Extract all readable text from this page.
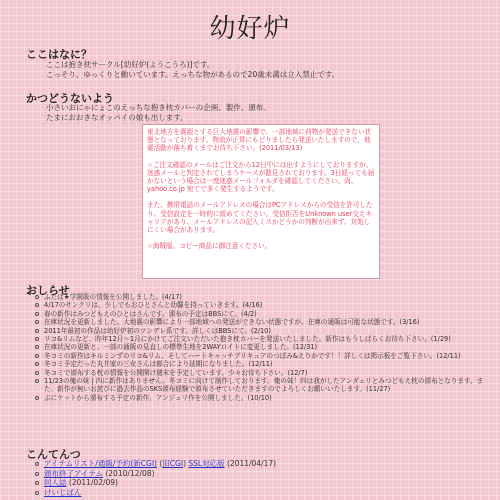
幼好炉
ここはなに？
ここは抱き枕サークル[幼好炉(ようこうろ)]です。
こっそり、ゆっくりと動いています。えっちな物があるので20歳未満は立入禁止です。
かつどうないよう
小さいおにゃにょこのえっちな抱き枕カバーの企画、製作、頒布。
たまにおおきなオッパイの娘も出します。

東北地方を震源とする巨大地震の影響で、一部地域に荷物が発送できない状態となっております。物流が正常にもどりましたら発送いたしますので、地震活動が落ち着くまでお待ち下さい。(2011/03/13)

☆ご注文確認のメールはご注文から12日中には出すようにしておりますが、迷惑メールと判定されてしまうケースが散見されております。3日経っても届かないという場合は一度迷惑メールフォルダを確認してください。尚、yahoo.co.jp 宛てで多く発生するようです。

また、携帯電話のメールアドレスの場合はPCアドレスからの受信を許可したり、受信設定を一時的に緩めてください。受信拒否をUnknown user交えキャリアがあり、メールアドレスの記入ミスかどうかの判断が出来ず、対処しにくい場合があります。

☆海賊版、コピー商品に御注意ください。

おしらせ
ふたば★学園販の情報を公開しました。(4/17)
4/17のサンクリは、少しでもおひとさんと幼馨を持っていきます。(4/16)
春の新作はみつどもえのひとはさんです。頒布の予定はBBSにて。(4/2)
在庫状況を更新しました。大地震の影響により一部地域への発送ができない状態ですが、在庫の通販は可能な状態です。(3/16)
2011年最初の作品は幼好炉初のツンデレ系です。詳しくはBBSにて。(2/10)
リコ&リムなど、昨年12月〜1月にかけてご注文いただいた抱き枕カバーを発送いたしました。新作はもうしばらくお待ち下さい。(1/29)
在庫状況の更新と、一部の通販の見直しの標準生地を2WAYロイトに変更しました。(12/31)
冬コミの新作はキルミンずのリコ&リム、そしてハートキャッチプリキュアのつぼみ&えりかです！！詳しくは掲示板をご覧下さい。(12/11)
冬コミ予定だった丸井家の三女さんは都合により延期になりました。(12/11)
冬コミで頒布する枕の情報を公開開け週末を予定しています。少々お待ち下さい。(12/7)
11/23の俺の妹 | 四に新作はありません。冬コミに向けて制作しております。俺の妹！四は我がしたアンダェリとみつどもえ枕の頒布となります。また、新作が無いお詫びに過去作品のSKS頒布経験で頒布させていただきますのでよろしくお願いいたします。(11/27)
ぷにケットから頒布する予定の新作、アンジェリ作を公開しました。(10/10)
こんてんつ
アイテムリスト/通販/予約(新CGI) (旧CGI) SSL対応版 (2011/04/17)
頒布終了アイテム (2010/12/08)
同人誌 (2011/02/09)
けいじばん
